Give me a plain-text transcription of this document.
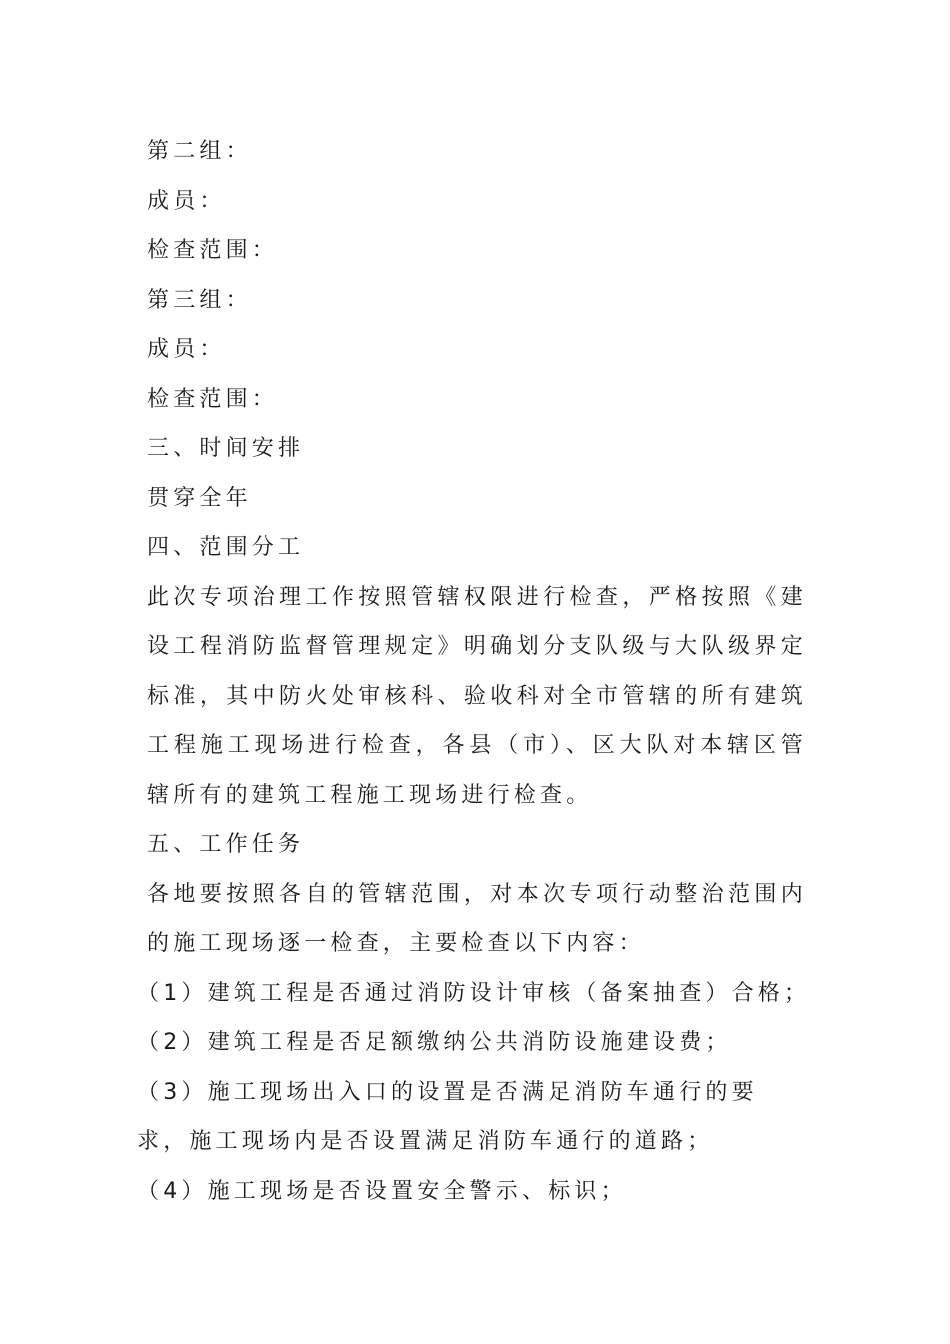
第二组：
成员：
检查范围：
第三组：
成员：
检查范围：
三、时间安排
贯穿全年
四、范围分工
此次专项治理工作按照管辖权限进行检查，严格按照《建设工程消防监督管理规定》明确划分支队级与大队级界定标准，其中防火处审核科、验收科对全市管辖的所有建筑工程施工现场进行检查，各县（市）、区大队对本辖区管辖所有的建筑工程施工现场进行检查。
五、工作任务
各地要按照各自的管辖范围，对本次专项行动整治范围内的施工现场逐一检查，主要检查以下内容：
（1）建筑工程是否通过消防设计审核（备案抽查）合格；
（2）建筑工程是否足额缴纳公共消防设施建设费；
（3）施工现场出入口的设置是否满足消防车通行的要求，施工现场内是否设置满足消防车通行的道路；
（4）施工现场是否设置安全警示、标识；
